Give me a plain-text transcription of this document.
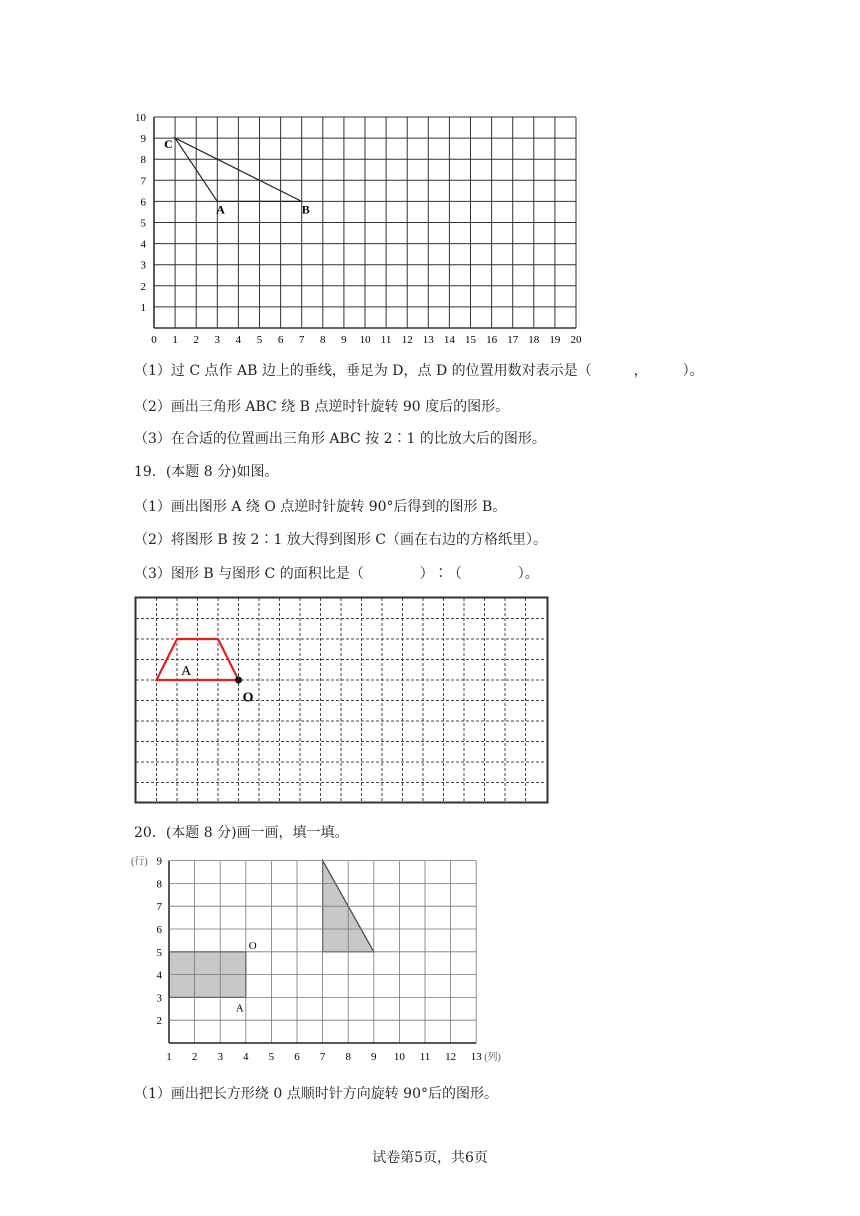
0 1 2 3 4 5 6 7 8 9 10 11 12 13 14 15 16 17 18 19 20
1
2
3
4
5
6
7
8
9
10
C
A	B
（1）过 C 点作 AB 边上的垂线，垂足为 D，点 D 的位置用数对表示是（　　　，　　　）。
（2）画出三角形 ABC 绕 B 点逆时针旋转 90 度后的图形。
（3）在合适的位置画出三角形 ABC 按 2∶1 的比放大后的图形。
19．(本题 8 分)如图。
（1）画出图形 A 绕 O 点逆时针旋转 90°后得到的图形 B。
（2）将图形 B 按 2∶1 放大得到图形 C（画在右边的方格纸里）。
（3）图形 B 与图形 C 的面积比是（　　　　）∶（　　　　）。
A
O
20．(本题 8 分)画一画，填一填。
1 2 3 4 5 6 7 8 9 10 11 12 13
2
3
4
5
6
7
8
9
(列)
(行)
O
A
（1）画出把长方形绕 0 点顺时针方向旋转 90°后的图形。
试卷第5页，共6页
